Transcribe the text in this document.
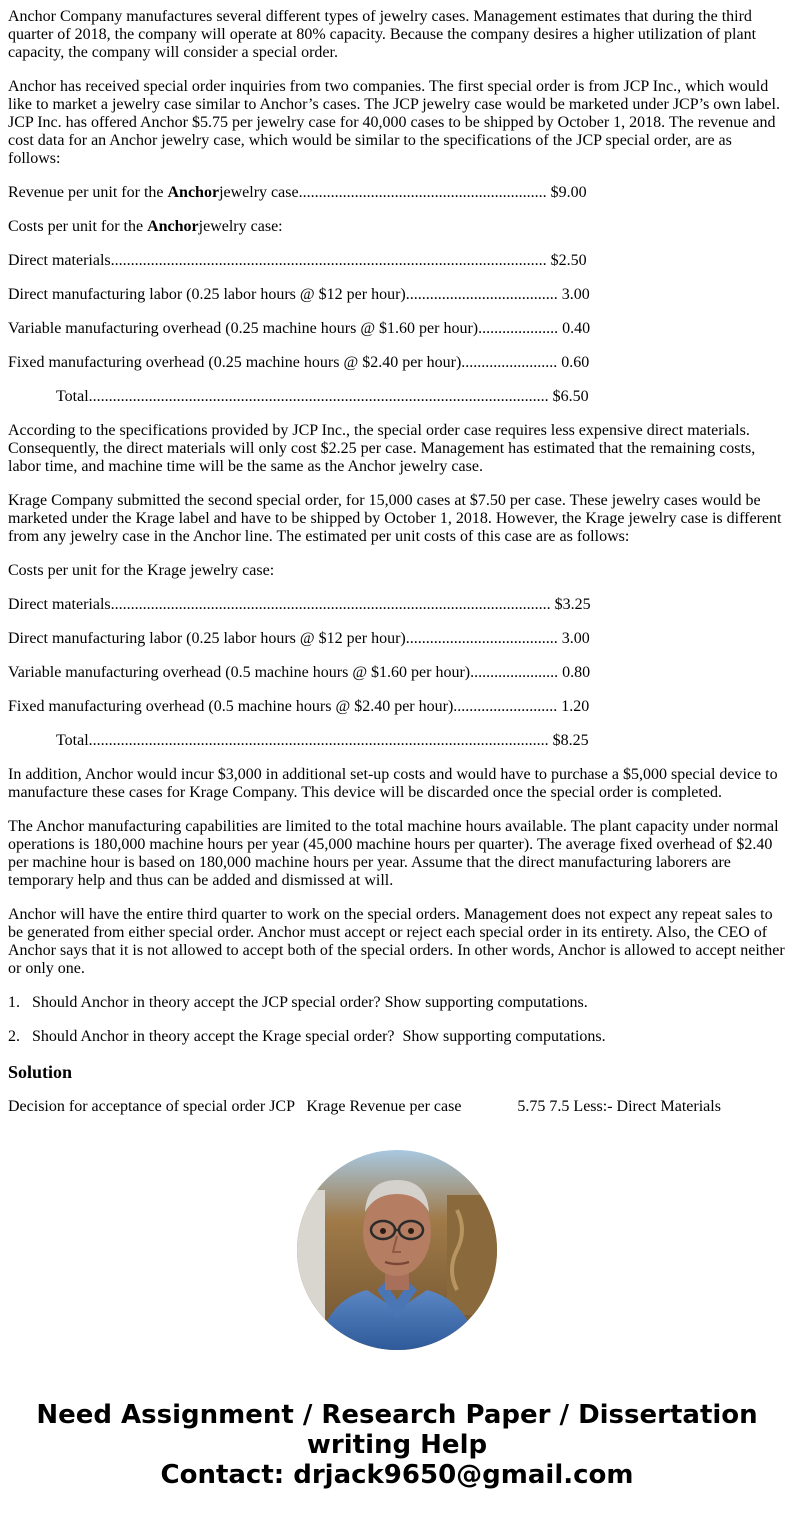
Anchor Company manufactures several different types of jewelry cases. Management estimates that during the third quarter of 2018, the company will operate at 80% capacity. Because the company desires a higher utilization of plant capacity, the company will consider a special order.

Anchor has received special order inquiries from two companies. The first special order is from JCP Inc., which would like to market a jewelry case similar to Anchor’s cases. The JCP jewelry case would be marketed under JCP’s own label. JCP Inc. has offered Anchor $5.75 per jewelry case for 40,000 cases to be shipped by October 1, 2018. The revenue and cost data for an Anchor jewelry case, which would be similar to the specifications of the JCP special order, are as follows:

Revenue per unit for the Anchorjewelry case.............................................................. $9.00

Costs per unit for the Anchorjewelry case:

Direct materials............................................................................................................. $2.50

Direct manufacturing labor (0.25 labor hours @ $12 per hour)...................................... 3.00

Variable manufacturing overhead (0.25 machine hours @ $1.60 per hour).................... 0.40

Fixed manufacturing overhead (0.25 machine hours @ $2.40 per hour)........................ 0.60

Total................................................................................................................... $6.50

According to the specifications provided by JCP Inc., the special order case requires less expensive direct materials. Consequently, the direct materials will only cost $2.25 per case. Management has estimated that the remaining costs, labor time, and machine time will be the same as the Anchor jewelry case.

Krage Company submitted the second special order, for 15,000 cases at $7.50 per case. These jewelry cases would be marketed under the Krage label and have to be shipped by October 1, 2018. However, the Krage jewelry case is different from any jewelry case in the Anchor line. The estimated per unit costs of this case are as follows:

Costs per unit for the Krage jewelry case:

Direct materials.............................................................................................................. $3.25

Direct manufacturing labor (0.25 labor hours @ $12 per hour)...................................... 3.00

Variable manufacturing overhead (0.5 machine hours @ $1.60 per hour)...................... 0.80

Fixed manufacturing overhead (0.5 machine hours @ $2.40 per hour).......................... 1.20

Total................................................................................................................... $8.25

In addition, Anchor would incur $3,000 in additional set-up costs and would have to purchase a $5,000 special device to manufacture these cases for Krage Company. This device will be discarded once the special order is completed.

The Anchor manufacturing capabilities are limited to the total machine hours available. The plant capacity under normal operations is 180,000 machine hours per year (45,000 machine hours per quarter). The average fixed overhead of $2.40 per machine hour is based on 180,000 machine hours per year. Assume that the direct manufacturing laborers are temporary help and thus can be added and dismissed at will.

Anchor will have the entire third quarter to work on the special orders. Management does not expect any repeat sales to be generated from either special order. Anchor must accept or reject each special order in its entirety. Also, the CEO of Anchor says that it is not allowed to accept both of the special orders. In other words, Anchor is allowed to accept neither or only one.

1.   Should Anchor in theory accept the JCP special order? Show supporting computations.

2.   Should Anchor in theory accept the Krage special order?  Show supporting computations.

Solution

Decision for acceptance of special order JCP   Krage Revenue per case              5.75 7.5 Less:- Direct Materials

Need Assignment / Research Paper / Dissertation
writing Help
Contact: drjack9650@gmail.com
